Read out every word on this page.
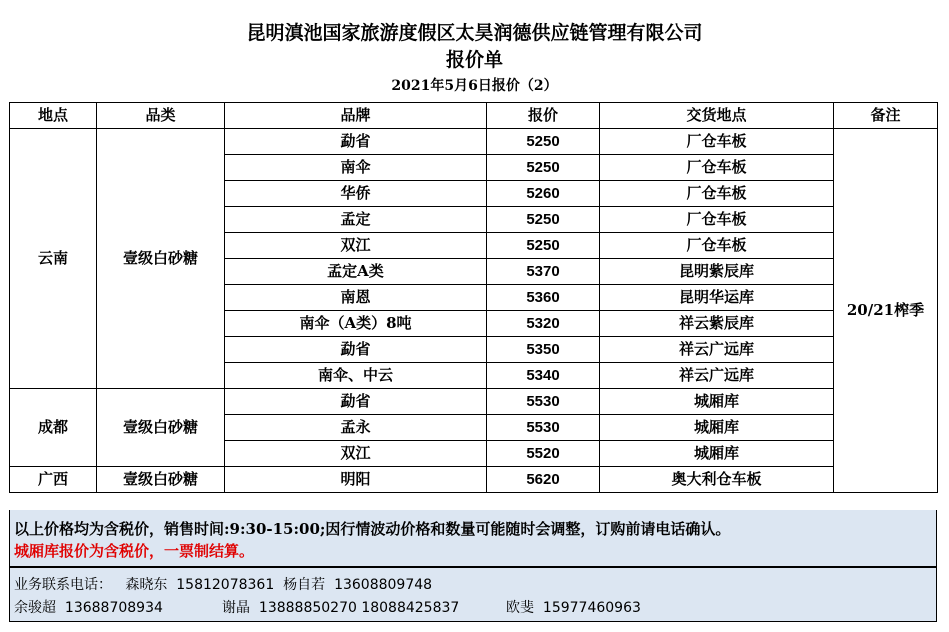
昆明滇池国家旅游度假区太昊润德供应链管理有限公司
报价单
2021年5月6日报价（2）
地点	品类	品牌	报价	交货地点	备注
云南	壹级白砂糖	勐省	5250	厂仓车板	20/21榨季
		南伞	5250	厂仓车板	
		华侨	5260	厂仓车板	
		孟定	5250	厂仓车板	
		双江	5250	厂仓车板	
		孟定A类	5370	昆明紫辰库	
		南恩	5360	昆明华运库	
		南伞（A类）8吨	5320	祥云紫辰库	
		勐省	5350	祥云广远库	
		南伞、中云	5340	祥云广远库	
成都	壹级白砂糖	勐省	5530	城厢库	
		孟永	5530	城厢库	
		双江	5520	城厢库	
广西	壹级白砂糖	明阳	5620	奥大利仓车板	
以上价格均为含税价，销售时间:9:30-15:00;因行情波动价格和数量可能随时会调整，订购前请电话确认。
城厢库报价为含税价，一票制结算。
业务联系电话： 森晓东 15812078361 杨自若 13608809748
余骏超 13688708934	谢晶 13888850270 18088425837	欧斐 15977460963
